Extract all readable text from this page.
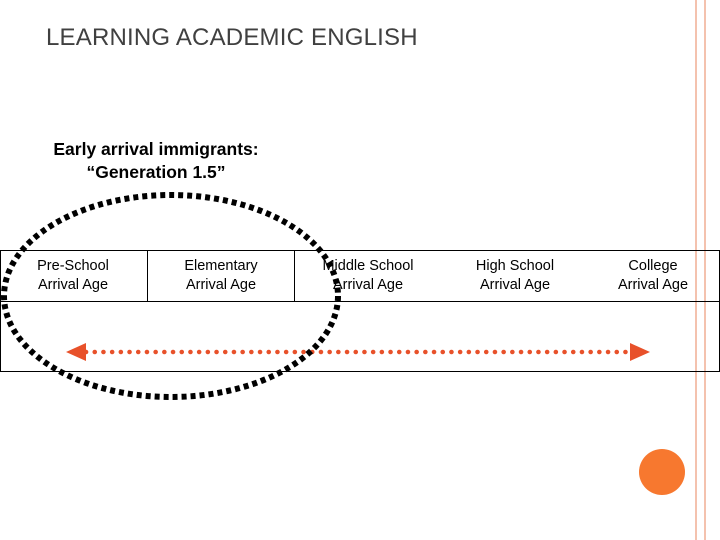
LEARNING ACADEMIC ENGLISH
Early arrival immigrants:
“Generation 1.5”
Pre-School
Arrival Age
Elementary
Arrival Age
Middle School
Arrival Age
High School
Arrival Age
College
Arrival Age
